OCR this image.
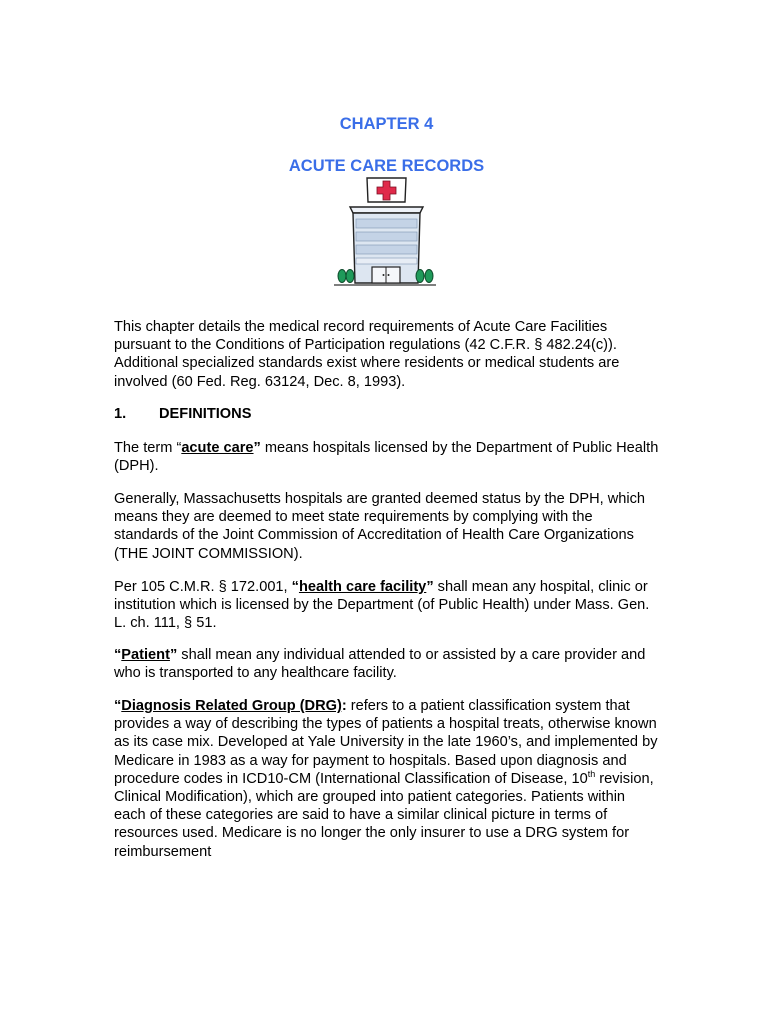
CHAPTER 4
ACUTE CARE RECORDS

This chapter details the medical record requirements of Acute Care Facilities pursuant to the Conditions of Participation regulations (42 C.F.R. § 482.24(c)). Additional specialized standards exist where residents or medical students are involved (60 Fed. Reg. 63124, Dec. 8, 1993).

1. DEFINITIONS

The term “acute care” means hospitals licensed by the Department of Public Health (DPH).

Generally, Massachusetts hospitals are granted deemed status by the DPH, which means they are deemed to meet state requirements by complying with the standards of the Joint Commission of Accreditation of Health Care Organizations (THE JOINT COMMISSION).

Per 105 C.M.R. § 172.001, “health care facility” shall mean any hospital, clinic or institution which is licensed by the Department (of Public Health) under Mass. Gen. L. ch. 111, § 51.

“Patient” shall mean any individual attended to or assisted by a care provider and who is transported to any healthcare facility.

“Diagnosis Related Group (DRG): refers to a patient classification system that provides a way of describing the types of patients a hospital treats, otherwise known as its case mix. Developed at Yale University in the late 1960’s, and implemented by Medicare in 1983 as a way for payment to hospitals. Based upon diagnosis and procedure codes in ICD10-CM (International Classification of Disease, 10th revision, Clinical Modification), which are grouped into patient categories. Patients within each of these categories are said to have a similar clinical picture in terms of resources used. Medicare is no longer the only insurer to use a DRG system for reimbursement
